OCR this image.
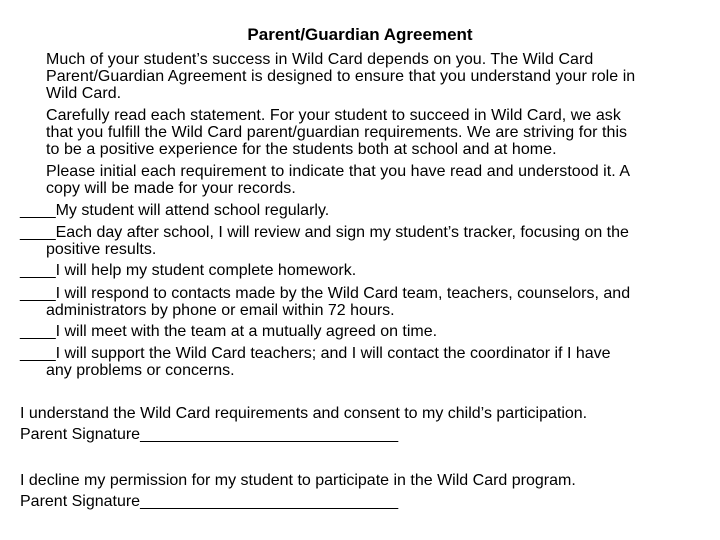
Parent/Guardian Agreement
Much of your student’s success in Wild Card depends on you. The Wild Card
Parent/Guardian Agreement is designed to ensure that you understand your role in
Wild Card.
Carefully read each statement. For your student to succeed in Wild Card, we ask
that you fulfill the Wild Card parent/guardian requirements. We are striving for this
to be a positive experience for the students both at school and at home.
Please initial each requirement to indicate that you have read and understood it. A
copy will be made for your records.
____My student will attend school regularly.
____Each day after school, I will review and sign my student’s tracker, focusing on the
positive results.
____I will help my student complete homework.
____I will respond to contacts made by the Wild Card team, teachers, counselors, and
administrators by phone or email within 72 hours.
____I will meet with the team at a mutually agreed on time.
____I will support the Wild Card teachers; and I will contact the coordinator if I have
any problems or concerns.
I understand the Wild Card requirements and consent to my child’s participation.
Parent Signature_____________________________
I decline my permission for my student to participate in the Wild Card program.
Parent Signature_____________________________
